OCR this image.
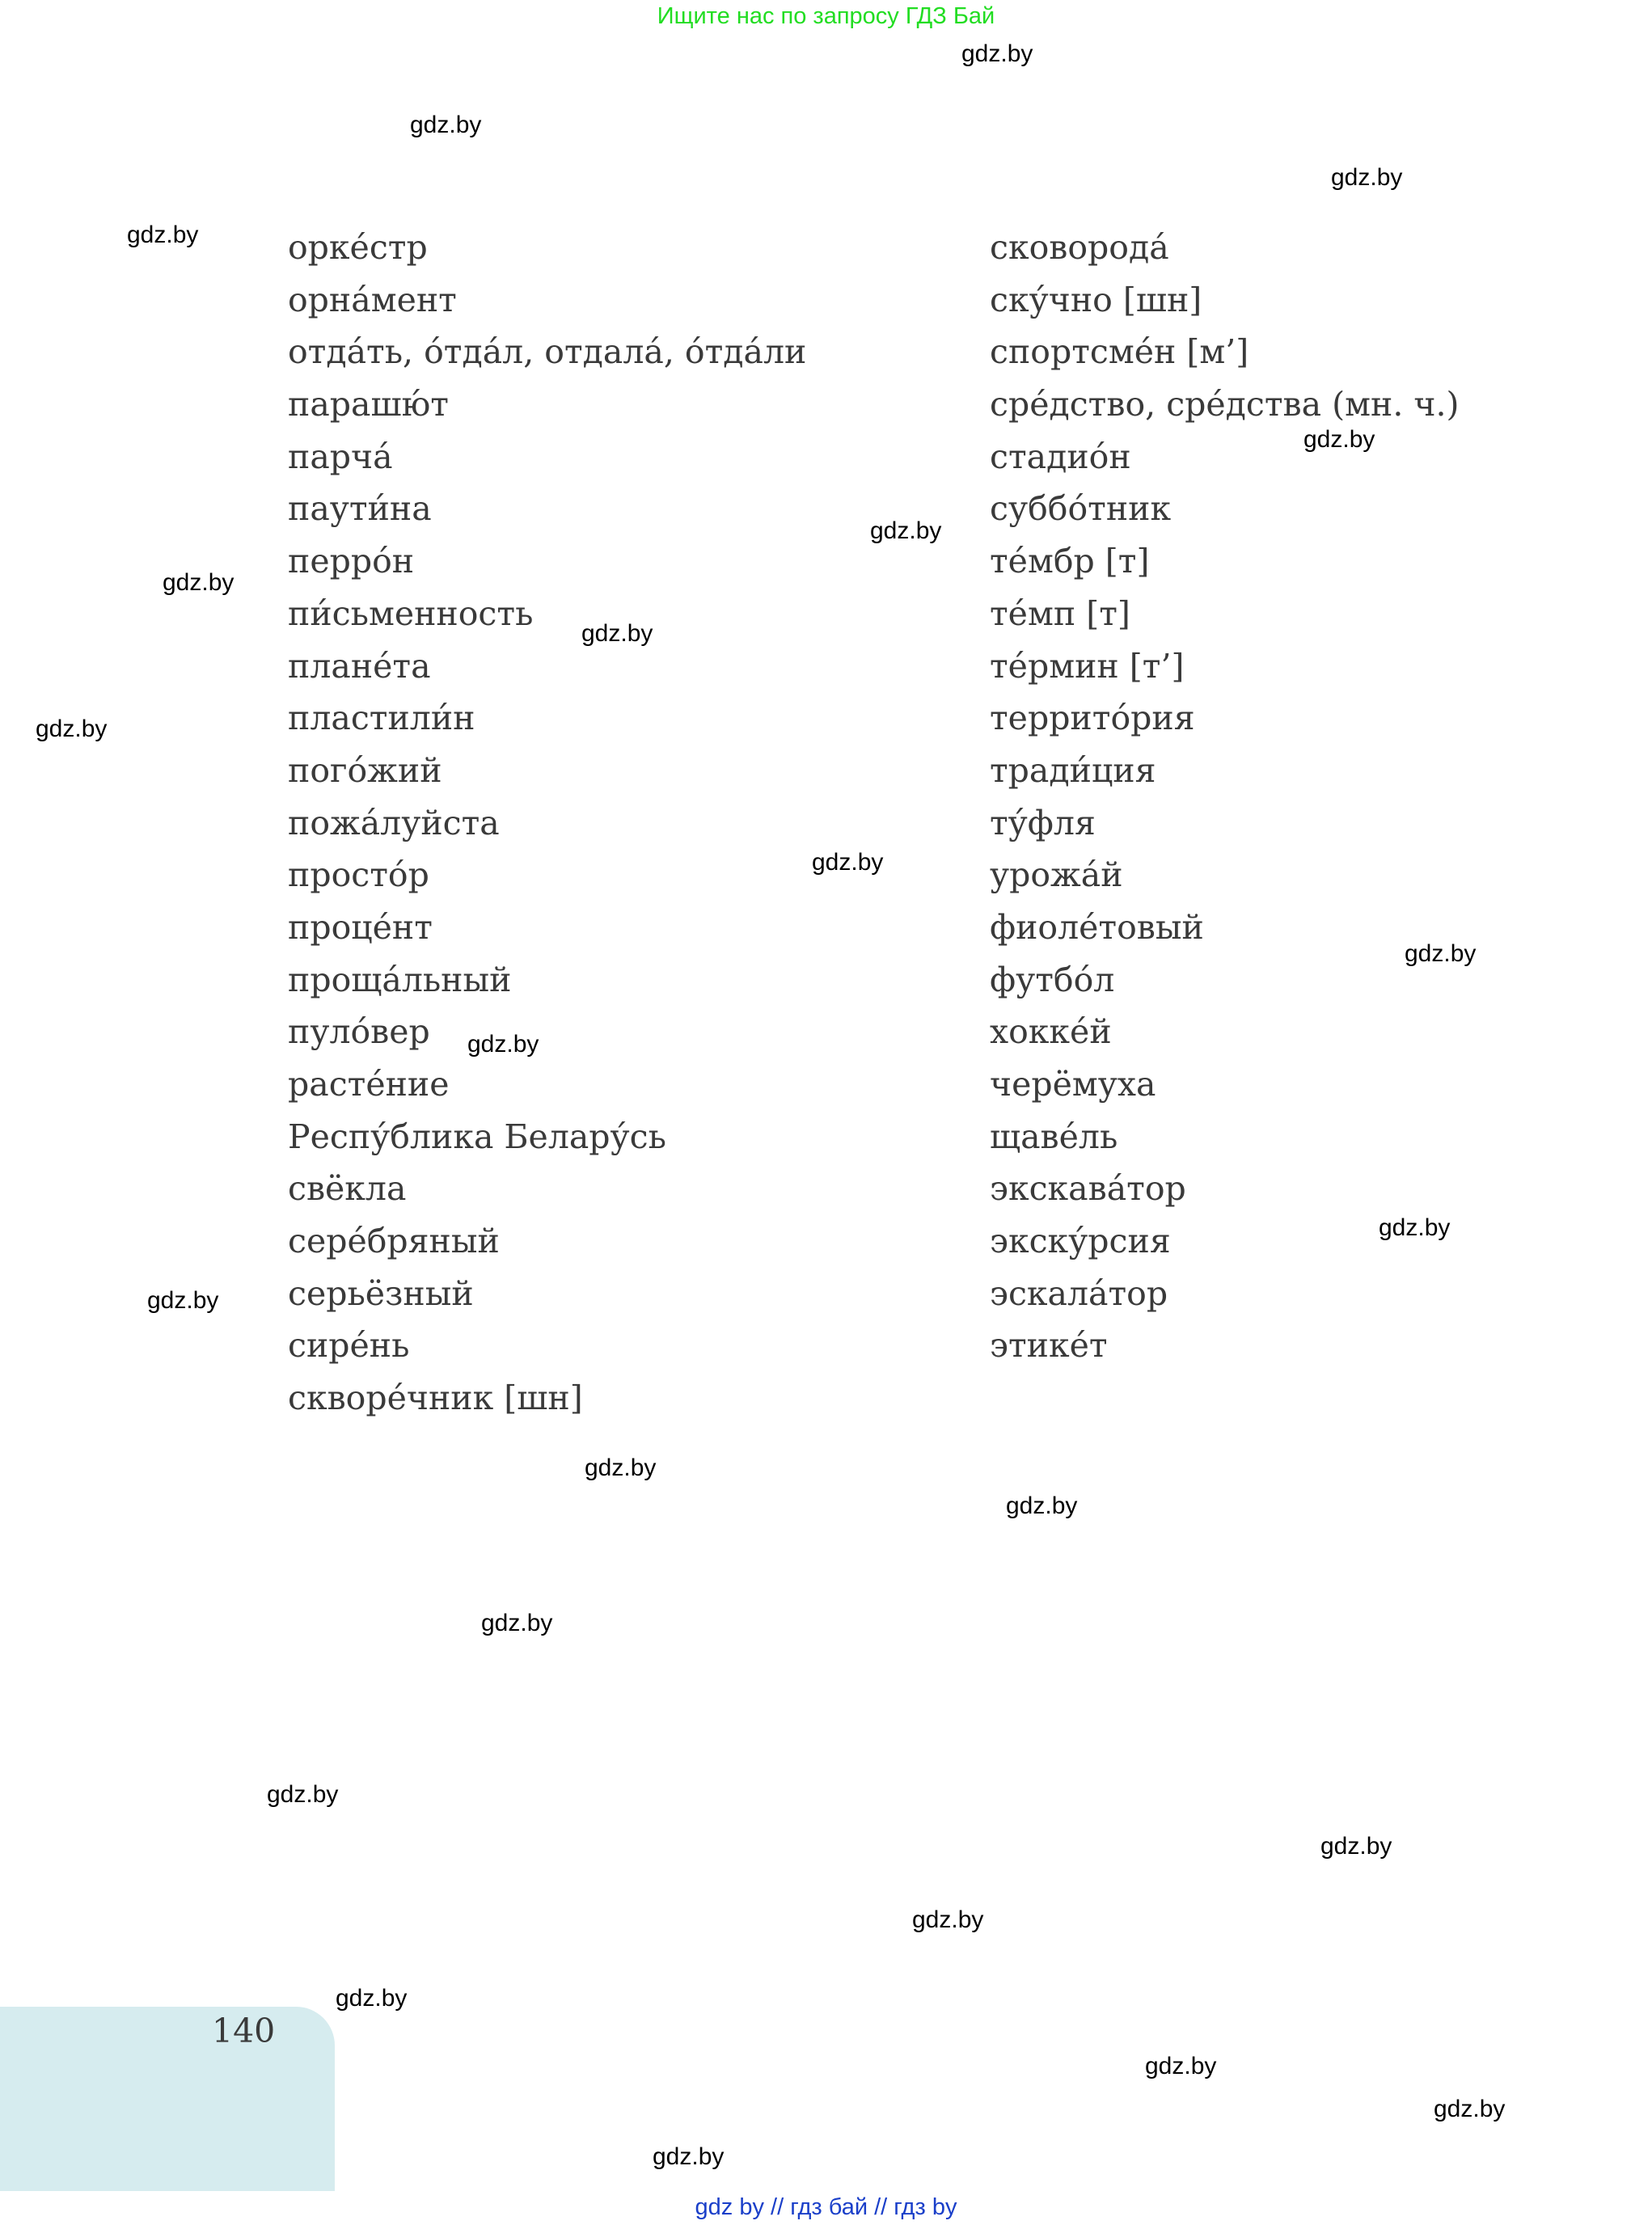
Ищите нас по запросу ГДЗ Бай
орке́стр
орна́мент
отда́ть, о́тда́л, отдала́, о́тда́ли
парашю́т
парча́
паути́на
перро́н
пи́сьменность
плане́та
пластили́н
пого́жий
пожа́луйста
просто́р
проце́нт
проща́льный
пуло́вер
расте́ние
Респу́блика Белару́сь
свёкла
сере́бряный
серьёзный
сире́нь
скворе́чник [шн]
сковорода́
ску́чно [шн]
спортсме́н [м’]
сре́дство, сре́дства (мн. ч.)
стадио́н
суббо́тник
те́мбр [т]
те́мп [т]
те́рмин [т’]
террито́рия
тради́ция
ту́фля
урожа́й
фиоле́товый
футбо́л
хокке́й
черёмуха
щаве́ль
экскава́тор
экску́рсия
эскала́тор
этике́т
gdz.by
gdz.by
gdz.by
gdz.by
gdz.by
gdz.by
gdz.by
gdz.by
gdz.by
gdz.by
gdz.by
gdz.by
gdz.by
gdz.by
gdz.by
gdz.by
gdz.by
gdz.by
gdz.by
gdz.by
gdz.by
gdz.by
gdz.by
gdz.by
140
gdz by // гдз бай // гдз by
